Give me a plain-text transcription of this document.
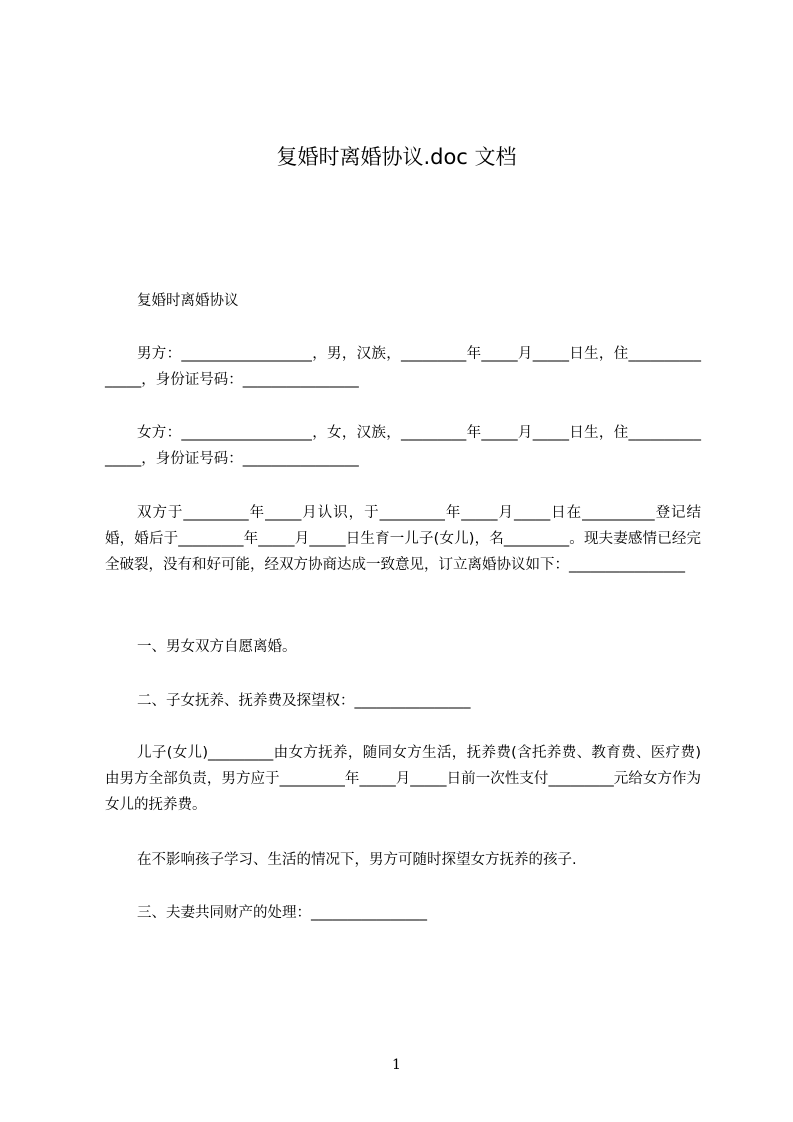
复婚时离婚协议.doc 文档

复婚时离婚协议

男方：__________________，男，汉族，_________年_____月_____日生，住_______________，身份证号码：________________

女方：__________________，女，汉族，_________年_____月_____日生，住_______________，身份证号码：________________

双方于_________年_____月认识，于_________年_____月_____日在__________登记结婚，婚后于_________年_____月_____日生育一儿子(女儿)，名_________。现夫妻感情已经完全破裂，没有和好可能，经双方协商达成一致意见，订立离婚协议如下：________________

一、男女双方自愿离婚。

二、子女抚养、抚养费及探望权：________________

儿子(女儿)_________由女方抚养，随同女方生活，抚养费(含托养费、教育费、医疗费)由男方全部负责，男方应于_________年_____月_____日前一次性支付_________元给女方作为女儿的抚养费。

在不影响孩子学习、生活的情况下，男方可随时探望女方抚养的孩子.

三、夫妻共同财产的处理：________________

1
